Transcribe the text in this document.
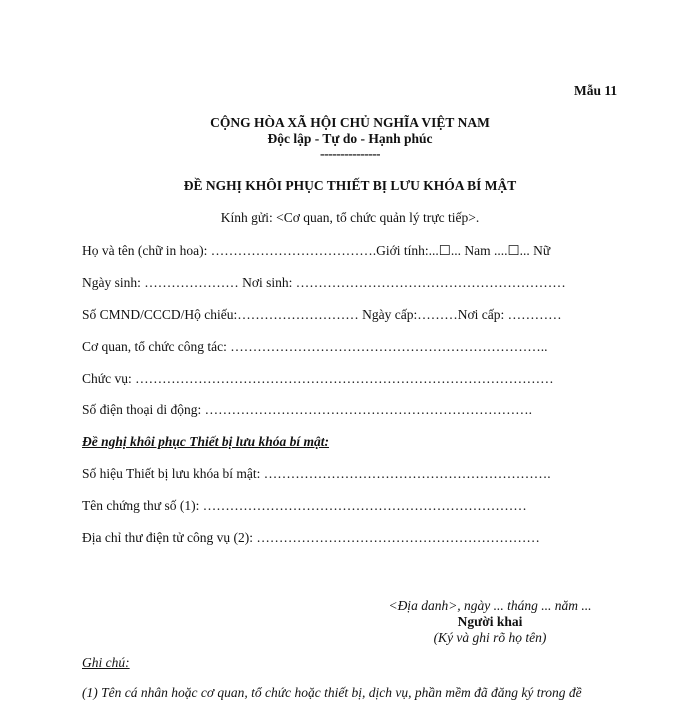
Mẫu 11
CỘNG HÒA XÃ HỘI CHỦ NGHĨA VIỆT NAM
Độc lập - Tự do - Hạnh phúc
---------------
ĐỀ NGHỊ KHÔI PHỤC THIẾT BỊ LƯU KHÓA BÍ MẬT
Kính gửi: <Cơ quan, tổ chức quản lý trực tiếp>.
Họ và tên (chữ in hoa): ……………………………….Giới tính:...☐... Nam ....☐... Nữ
Ngày sinh: ………………… Nơi sinh: ……………………………………………………
Số CMND/CCCD/Hộ chiếu:……………………… Ngày cấp:………Nơi cấp: …………
Cơ quan, tổ chức công tác: ……………………………………………………………..
Chức vụ: …………………………………………………………………………………
Số điện thoại di động: ……………………………………………………………….
Đề nghị khôi phục Thiết bị lưu khóa bí mật:
Số hiệu Thiết bị lưu khóa bí mật: ……………………………………………………….
Tên chứng thư số (1): ………………………………………………………………
Địa chỉ thư điện tử công vụ (2): ………………………………………………………
<Địa danh>, ngày ... tháng ... năm ...
Người khai
(Ký và ghi rõ họ tên)
Ghi chú:
(1) Tên cá nhân hoặc cơ quan, tổ chức hoặc thiết bị, dịch vụ, phần mềm đã đăng ký trong đề
